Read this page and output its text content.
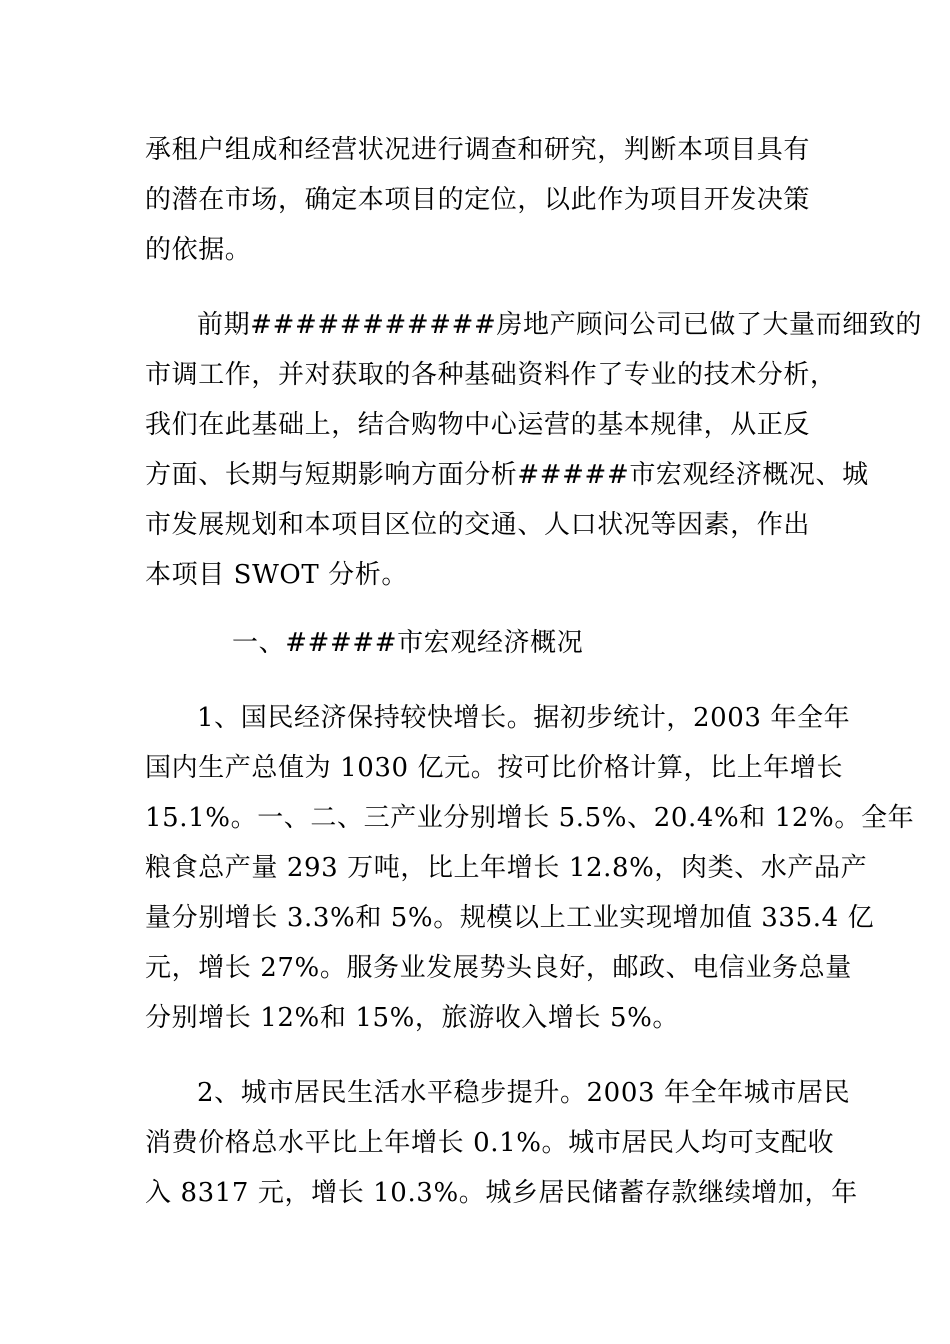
承租户组成和经营状况进行调查和研究，判断本项目具有
的潜在市场，确定本项目的定位，以此作为项目开发决策
的依据。
前期###########房地产顾问公司已做了大量而细致的
市调工作，并对获取的各种基础资料作了专业的技术分析，
我们在此基础上，结合购物中心运营的基本规律，从正反
方面、长期与短期影响方面分析#####市宏观经济概况、城
市发展规划和本项目区位的交通、人口状况等因素，作出
本项目 SWOT 分析。
一、#####市宏观经济概况
1、国民经济保持较快增长。据初步统计，2003 年全年
国内生产总值为 1030 亿元。按可比价格计算，比上年增长
15.1%。一、二、三产业分别增长 5.5%、20.4%和 12%。全年
粮食总产量 293 万吨，比上年增长 12.8%，肉类、水产品产
量分别增长 3.3%和 5%。规模以上工业实现增加值 335.4 亿
元，增长 27%。服务业发展势头良好，邮政、电信业务总量
分别增长 12%和 15%，旅游收入增长 5%。
2、城市居民生活水平稳步提升。2003 年全年城市居民
消费价格总水平比上年增长 0.1%。城市居民人均可支配收
入 8317 元，增长 10.3%。城乡居民储蓄存款继续增加，年
